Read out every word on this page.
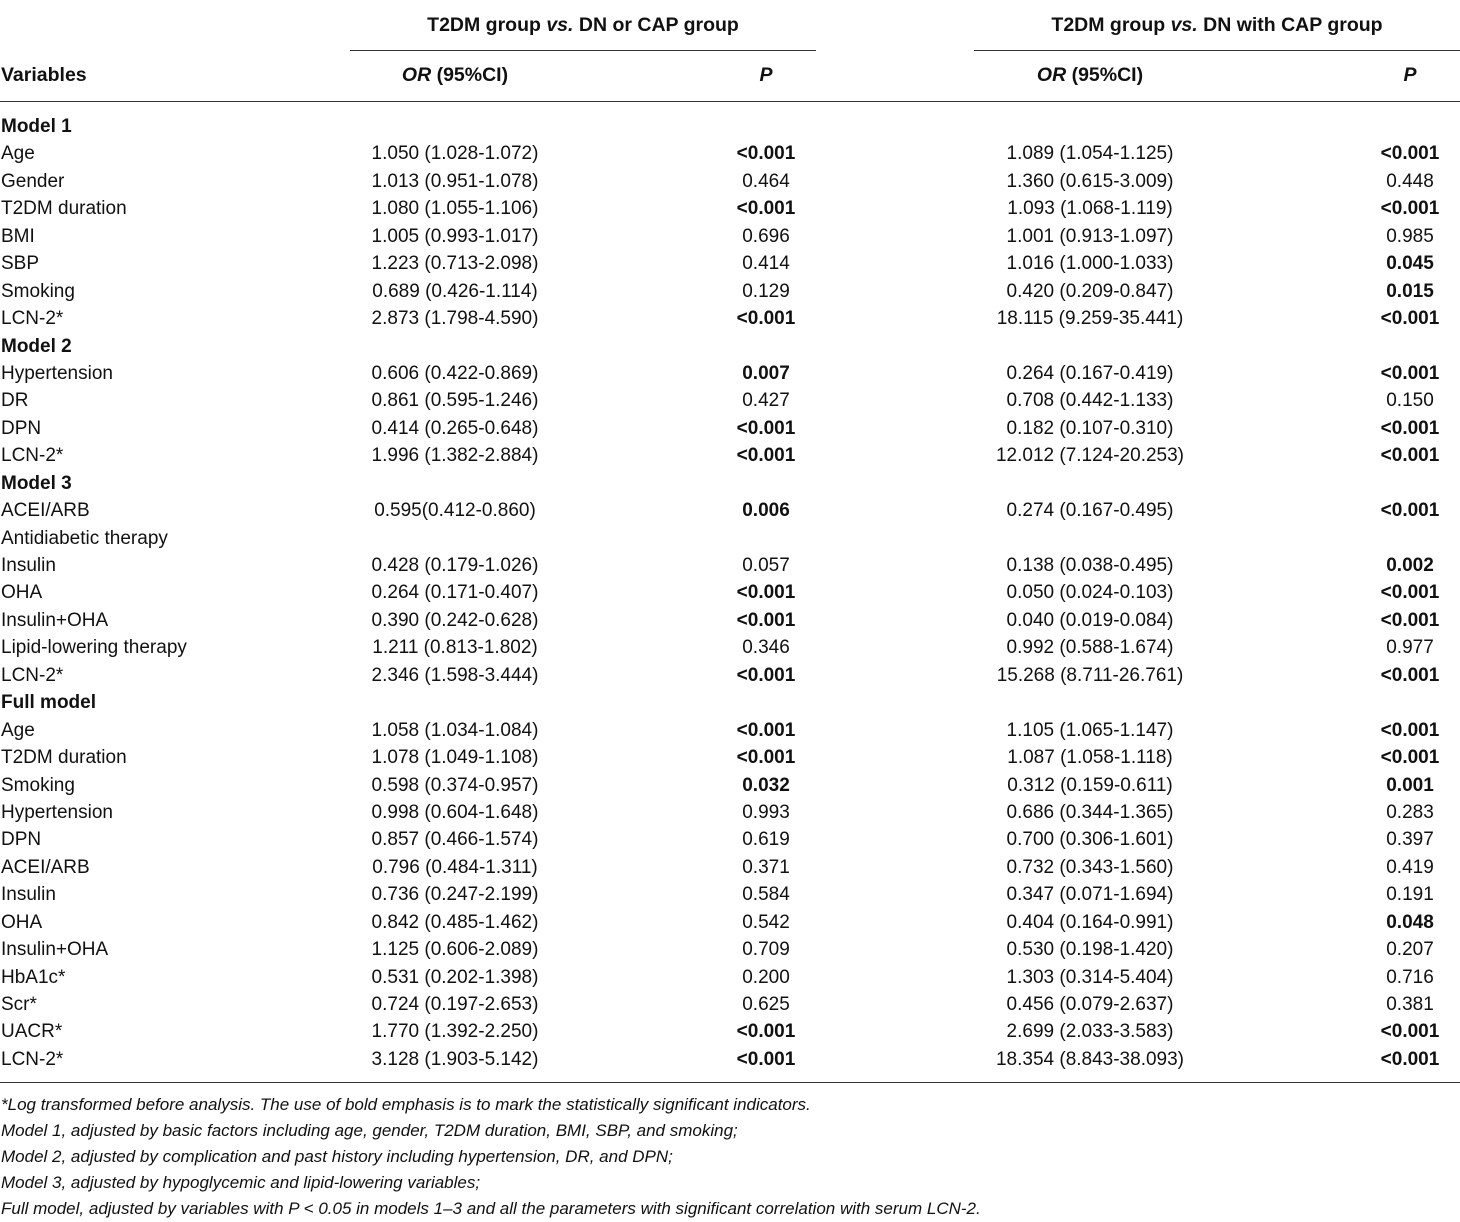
T2DM group vs. DN or CAP group	T2DM group vs. DN with CAP group
Variables	OR (95%CI)	P	OR (95%CI)	P
Model 1
Age	1.050 (1.028-1.072)	<0.001	1.089 (1.054-1.125)	<0.001
Gender	1.013 (0.951-1.078)	0.464	1.360 (0.615-3.009)	0.448
T2DM duration	1.080 (1.055-1.106)	<0.001	1.093 (1.068-1.119)	<0.001
BMI	1.005 (0.993-1.017)	0.696	1.001 (0.913-1.097)	0.985
SBP	1.223 (0.713-2.098)	0.414	1.016 (1.000-1.033)	0.045
Smoking	0.689 (0.426-1.114)	0.129	0.420 (0.209-0.847)	0.015
LCN-2*	2.873 (1.798-4.590)	<0.001	18.115 (9.259-35.441)	<0.001
Model 2
Hypertension	0.606 (0.422-0.869)	0.007	0.264 (0.167-0.419)	<0.001
DR	0.861 (0.595-1.246)	0.427	0.708 (0.442-1.133)	0.150
DPN	0.414 (0.265-0.648)	<0.001	0.182 (0.107-0.310)	<0.001
LCN-2*	1.996 (1.382-2.884)	<0.001	12.012 (7.124-20.253)	<0.001
Model 3
ACEI/ARB	0.595(0.412-0.860)	0.006	0.274 (0.167-0.495)	<0.001
Antidiabetic therapy
Insulin	0.428 (0.179-1.026)	0.057	0.138 (0.038-0.495)	0.002
OHA	0.264 (0.171-0.407)	<0.001	0.050 (0.024-0.103)	<0.001
Insulin+OHA	0.390 (0.242-0.628)	<0.001	0.040 (0.019-0.084)	<0.001
Lipid-lowering therapy	1.211 (0.813-1.802)	0.346	0.992 (0.588-1.674)	0.977
LCN-2*	2.346 (1.598-3.444)	<0.001	15.268 (8.711-26.761)	<0.001
Full model
Age	1.058 (1.034-1.084)	<0.001	1.105 (1.065-1.147)	<0.001
T2DM duration	1.078 (1.049-1.108)	<0.001	1.087 (1.058-1.118)	<0.001
Smoking	0.598 (0.374-0.957)	0.032	0.312 (0.159-0.611)	0.001
Hypertension	0.998 (0.604-1.648)	0.993	0.686 (0.344-1.365)	0.283
DPN	0.857 (0.466-1.574)	0.619	0.700 (0.306-1.601)	0.397
ACEI/ARB	0.796 (0.484-1.311)	0.371	0.732 (0.343-1.560)	0.419
Insulin	0.736 (0.247-2.199)	0.584	0.347 (0.071-1.694)	0.191
OHA	0.842 (0.485-1.462)	0.542	0.404 (0.164-0.991)	0.048
Insulin+OHA	1.125 (0.606-2.089)	0.709	0.530 (0.198-1.420)	0.207
HbA1c*	0.531 (0.202-1.398)	0.200	1.303 (0.314-5.404)	0.716
Scr*	0.724 (0.197-2.653)	0.625	0.456 (0.079-2.637)	0.381
UACR*	1.770 (1.392-2.250)	<0.001	2.699 (2.033-3.583)	<0.001
LCN-2*	3.128 (1.903-5.142)	<0.001	18.354 (8.843-38.093)	<0.001
*Log transformed before analysis. The use of bold emphasis is to mark the statistically significant indicators.
Model 1, adjusted by basic factors including age, gender, T2DM duration, BMI, SBP, and smoking;
Model 2, adjusted by complication and past history including hypertension, DR, and DPN;
Model 3, adjusted by hypoglycemic and lipid-lowering variables;
Full model, adjusted by variables with P < 0.05 in models 1–3 and all the parameters with significant correlation with serum LCN-2.
